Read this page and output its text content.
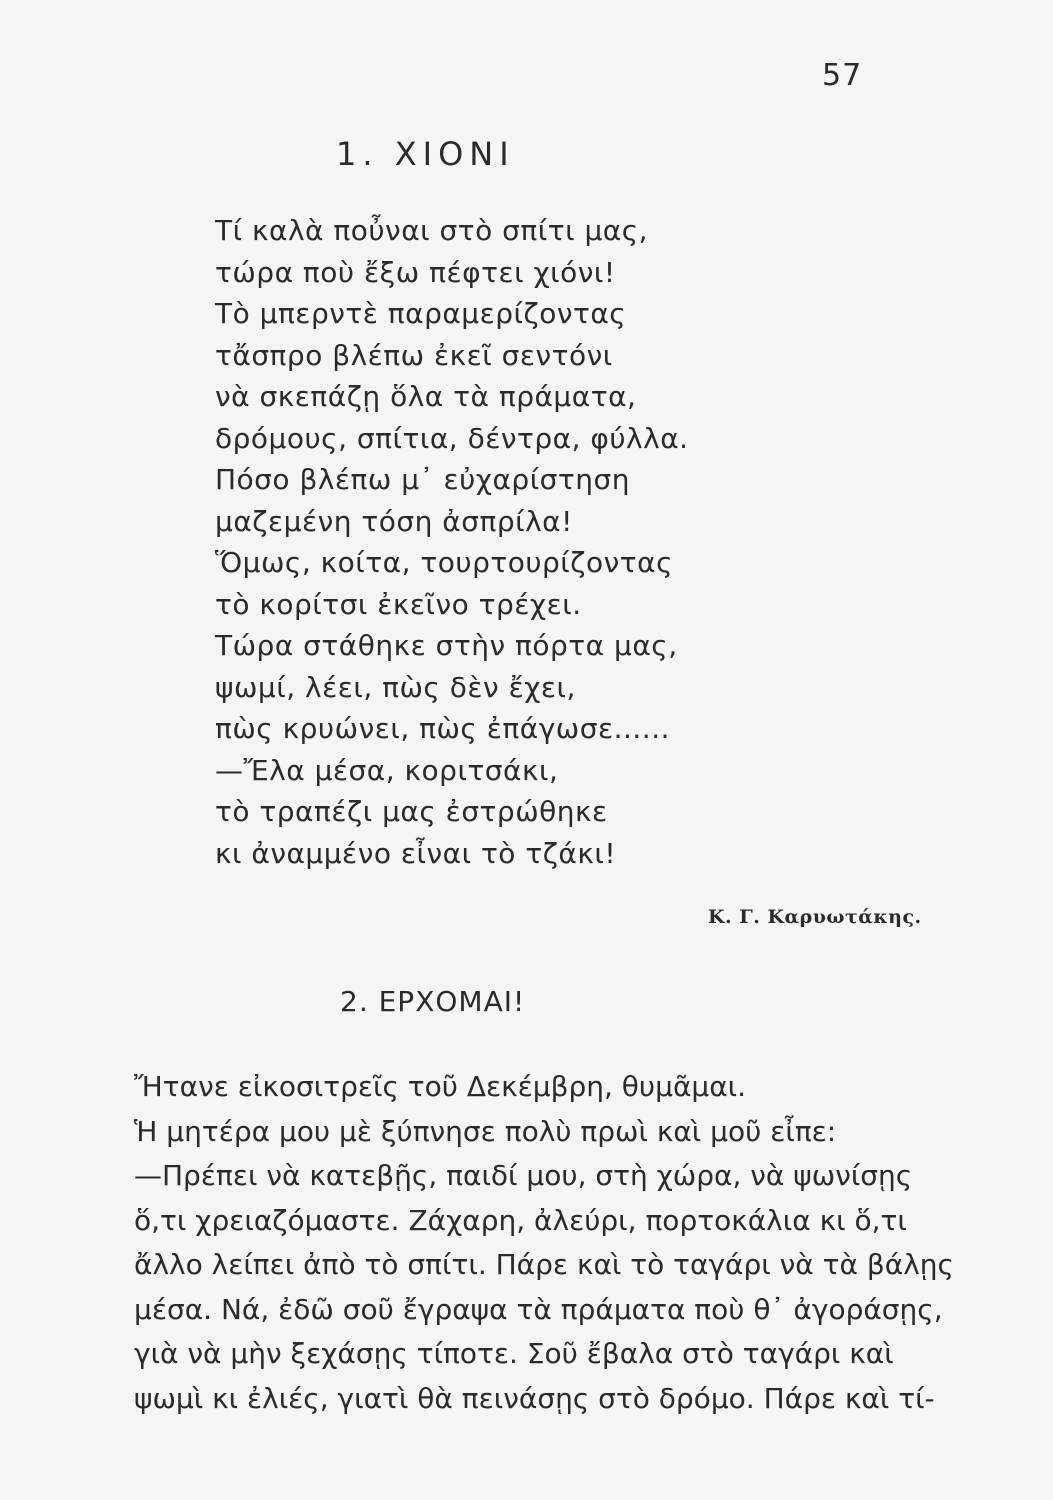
57
1. ΧΙΟΝΙ
Τί καλὰ ποὖναι στὸ σπίτι μας,
τώρα ποὺ ἔξω πέφτει χιόνι!
Τὸ μπερντὲ παραμερίζοντας
τἄσπρο βλέπω ἐκεῖ σεντόνι
νὰ σκεπάζῃ ὅλα τὰ πράματα,
δρόμους, σπίτια, δέντρα, φύλλα.
Πόσο βλέπω μ᾽ εὐχαρίστηση
μαζεμένη τόση ἀσπρίλα!
Ὅμως, κοίτα, τουρτουρίζοντας
τὸ κορίτσι ἐκεῖνο τρέχει.
Τώρα στάθηκε στὴν πόρτα μας,
ψωμί, λέει, πὼς δὲν ἔχει,
πὼς κρυώνει, πὼς ἐπάγωσε......
—Ἔλα μέσα, κοριτσάκι,
τὸ τραπέζι μας ἐστρώθηκε
κι ἀναμμένο εἶναι τὸ τζάκι!
Κ. Γ. Καρυωτάκης.
2. ΕΡΧΟΜΑΙ!
Ἤτανε εἰκοσιτρεῖς τοῦ Δεκέμβρη, θυμᾶμαι.
Ἡ μητέρα μου μὲ ξύπνησε πολὺ πρωὶ καὶ μοῦ εἶπε:
—Πρέπει νὰ κατεβῇς, παιδί μου, στὴ χώρα, νὰ ψωνίσῃς
ὅ,τι χρειαζόμαστε. Ζάχαρη, ἀλεύρι, πορτοκάλια κι ὅ,τι
ἄλλο λείπει ἀπὸ τὸ σπίτι. Πάρε καὶ τὸ ταγάρι νὰ τὰ βάλῃς
μέσα. Νά, ἐδῶ σοῦ ἔγραψα τὰ πράματα ποὺ θ᾽ ἀγοράσῃς,
γιὰ νὰ μὴν ξεχάσῃς τίποτε. Σοῦ ἔβαλα στὸ ταγάρι καὶ
ψωμὶ κι ἐλιές, γιατὶ θὰ πεινάσῃς στὸ δρόμο. Πάρε καὶ τί-
